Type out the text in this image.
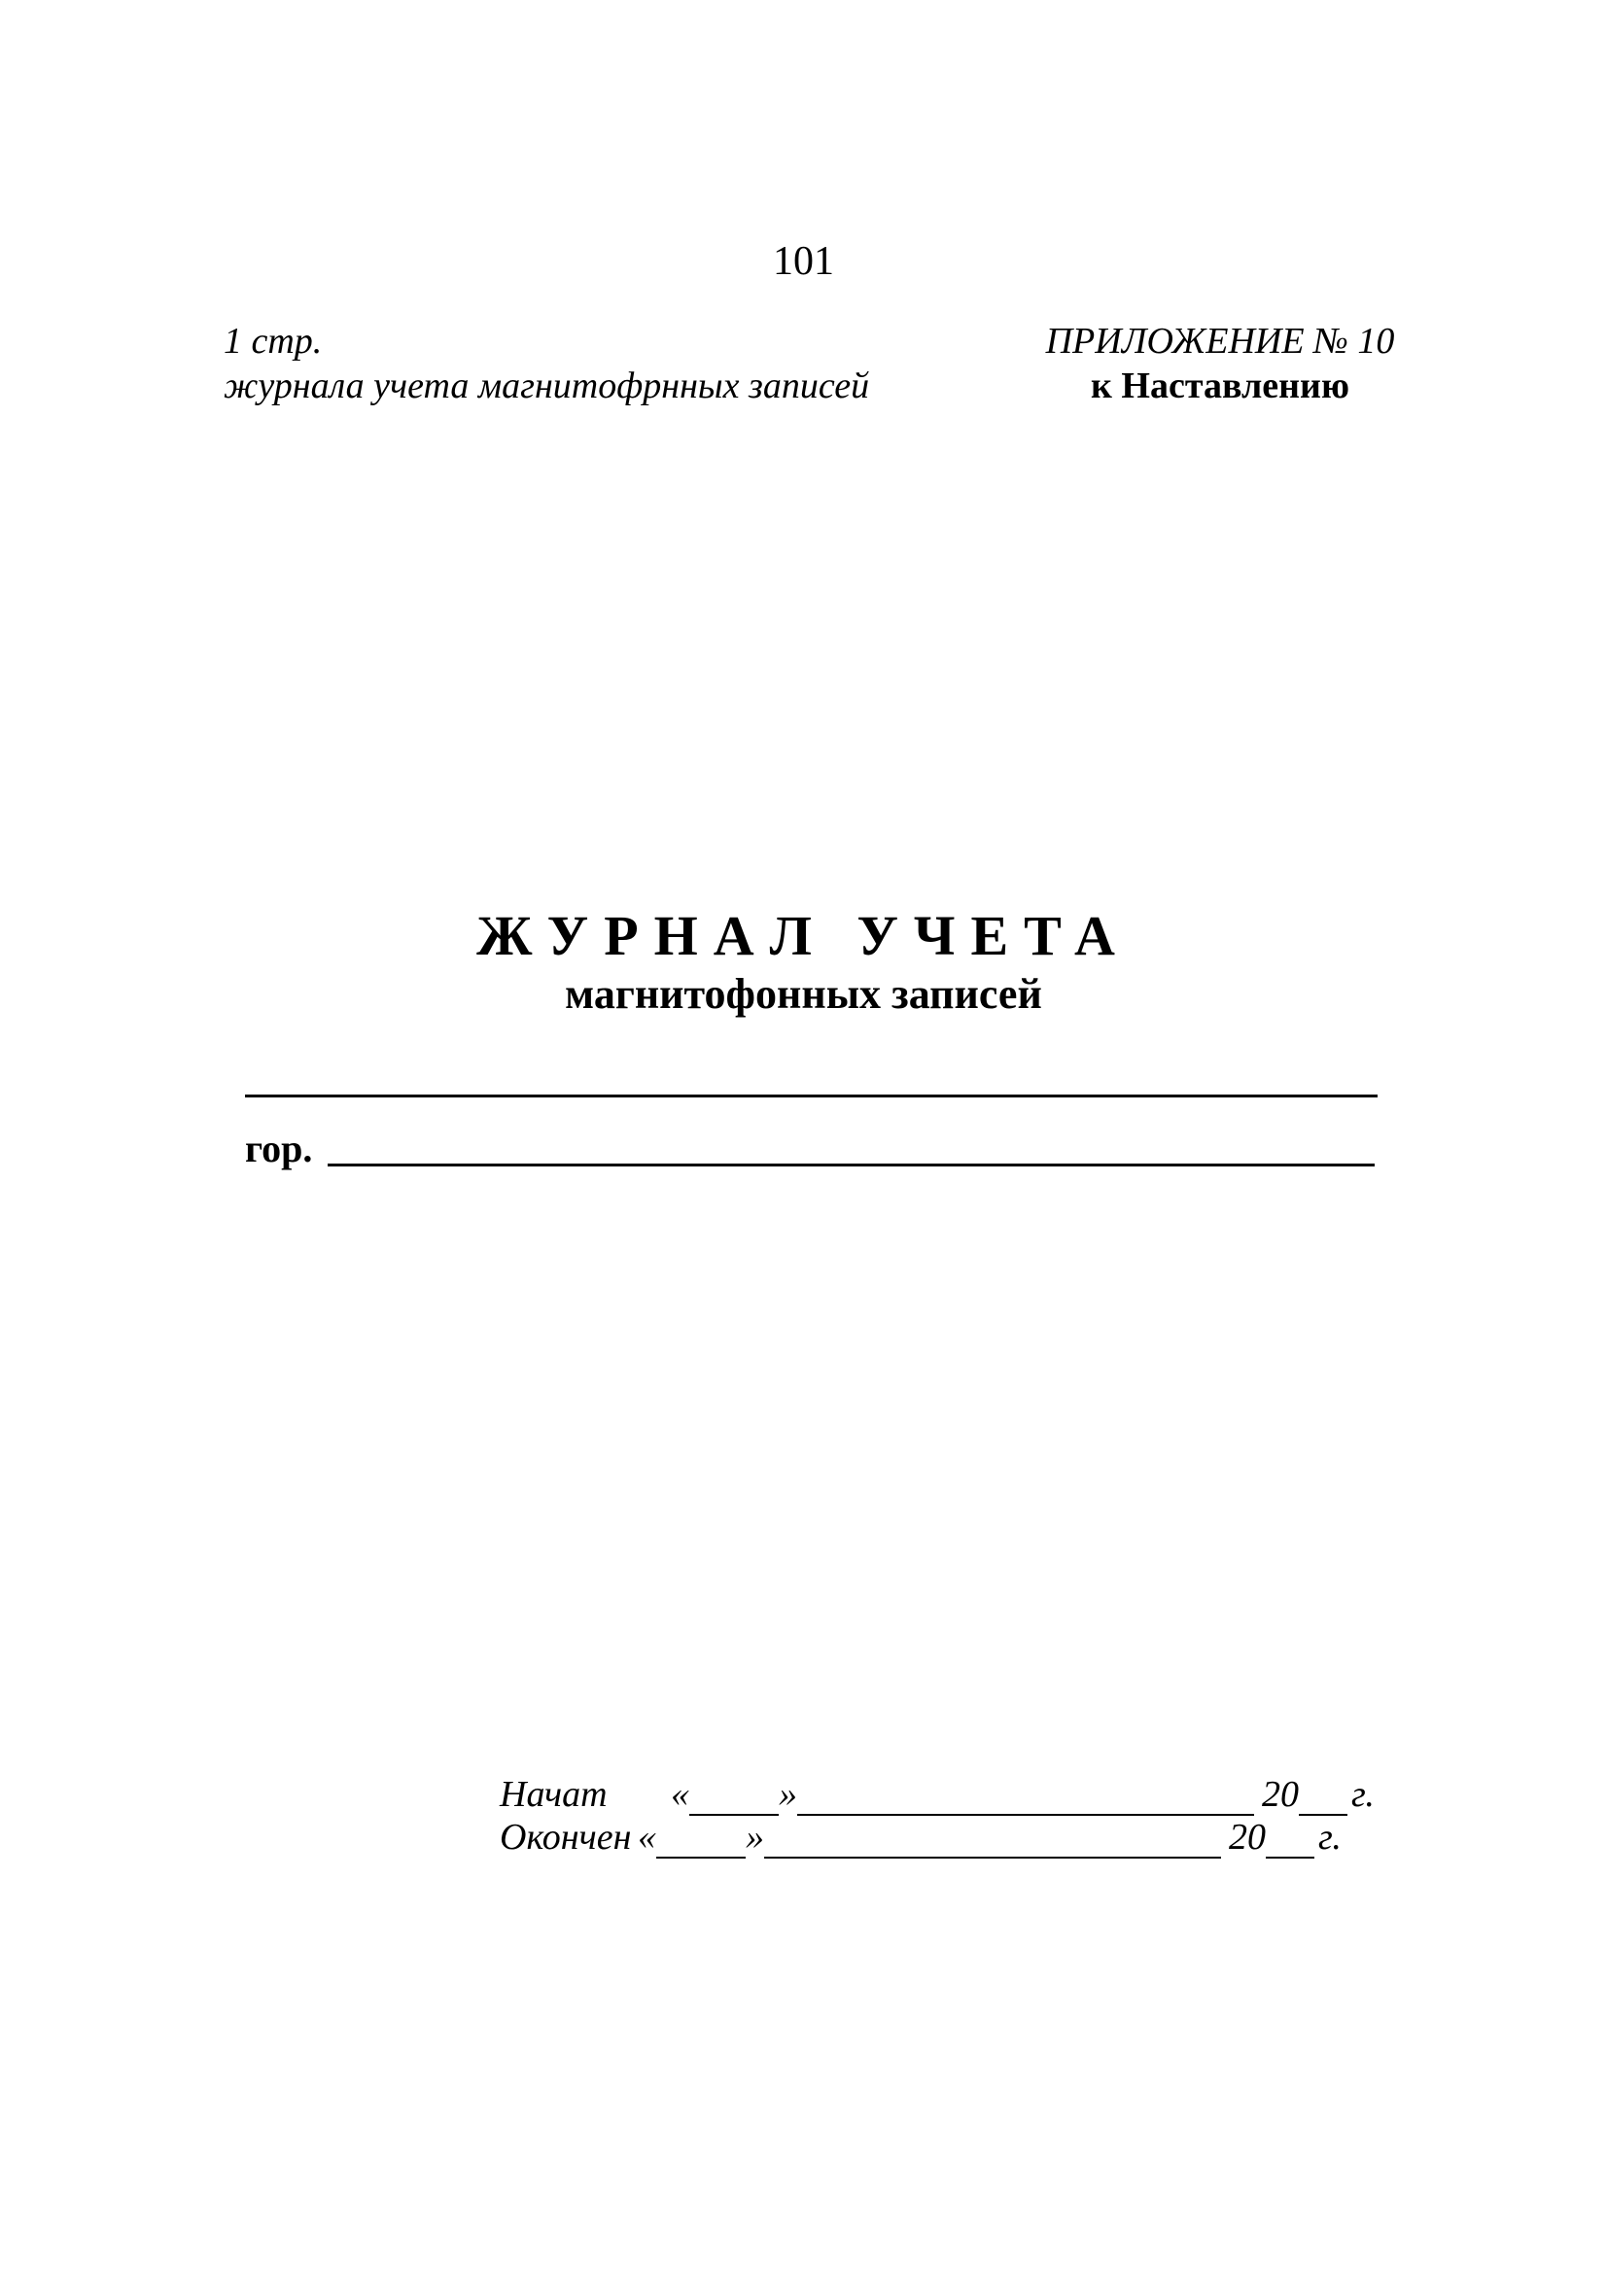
101
1 стр.
журнала учета магнитофрнных записей
ПРИЛОЖЕНИЕ № 10
к Наставлению
ЖУРНАЛ УЧЕТА
магнитофонных записей
гор.
Начат	« »	20 г.
Окончен « »	20 г.
